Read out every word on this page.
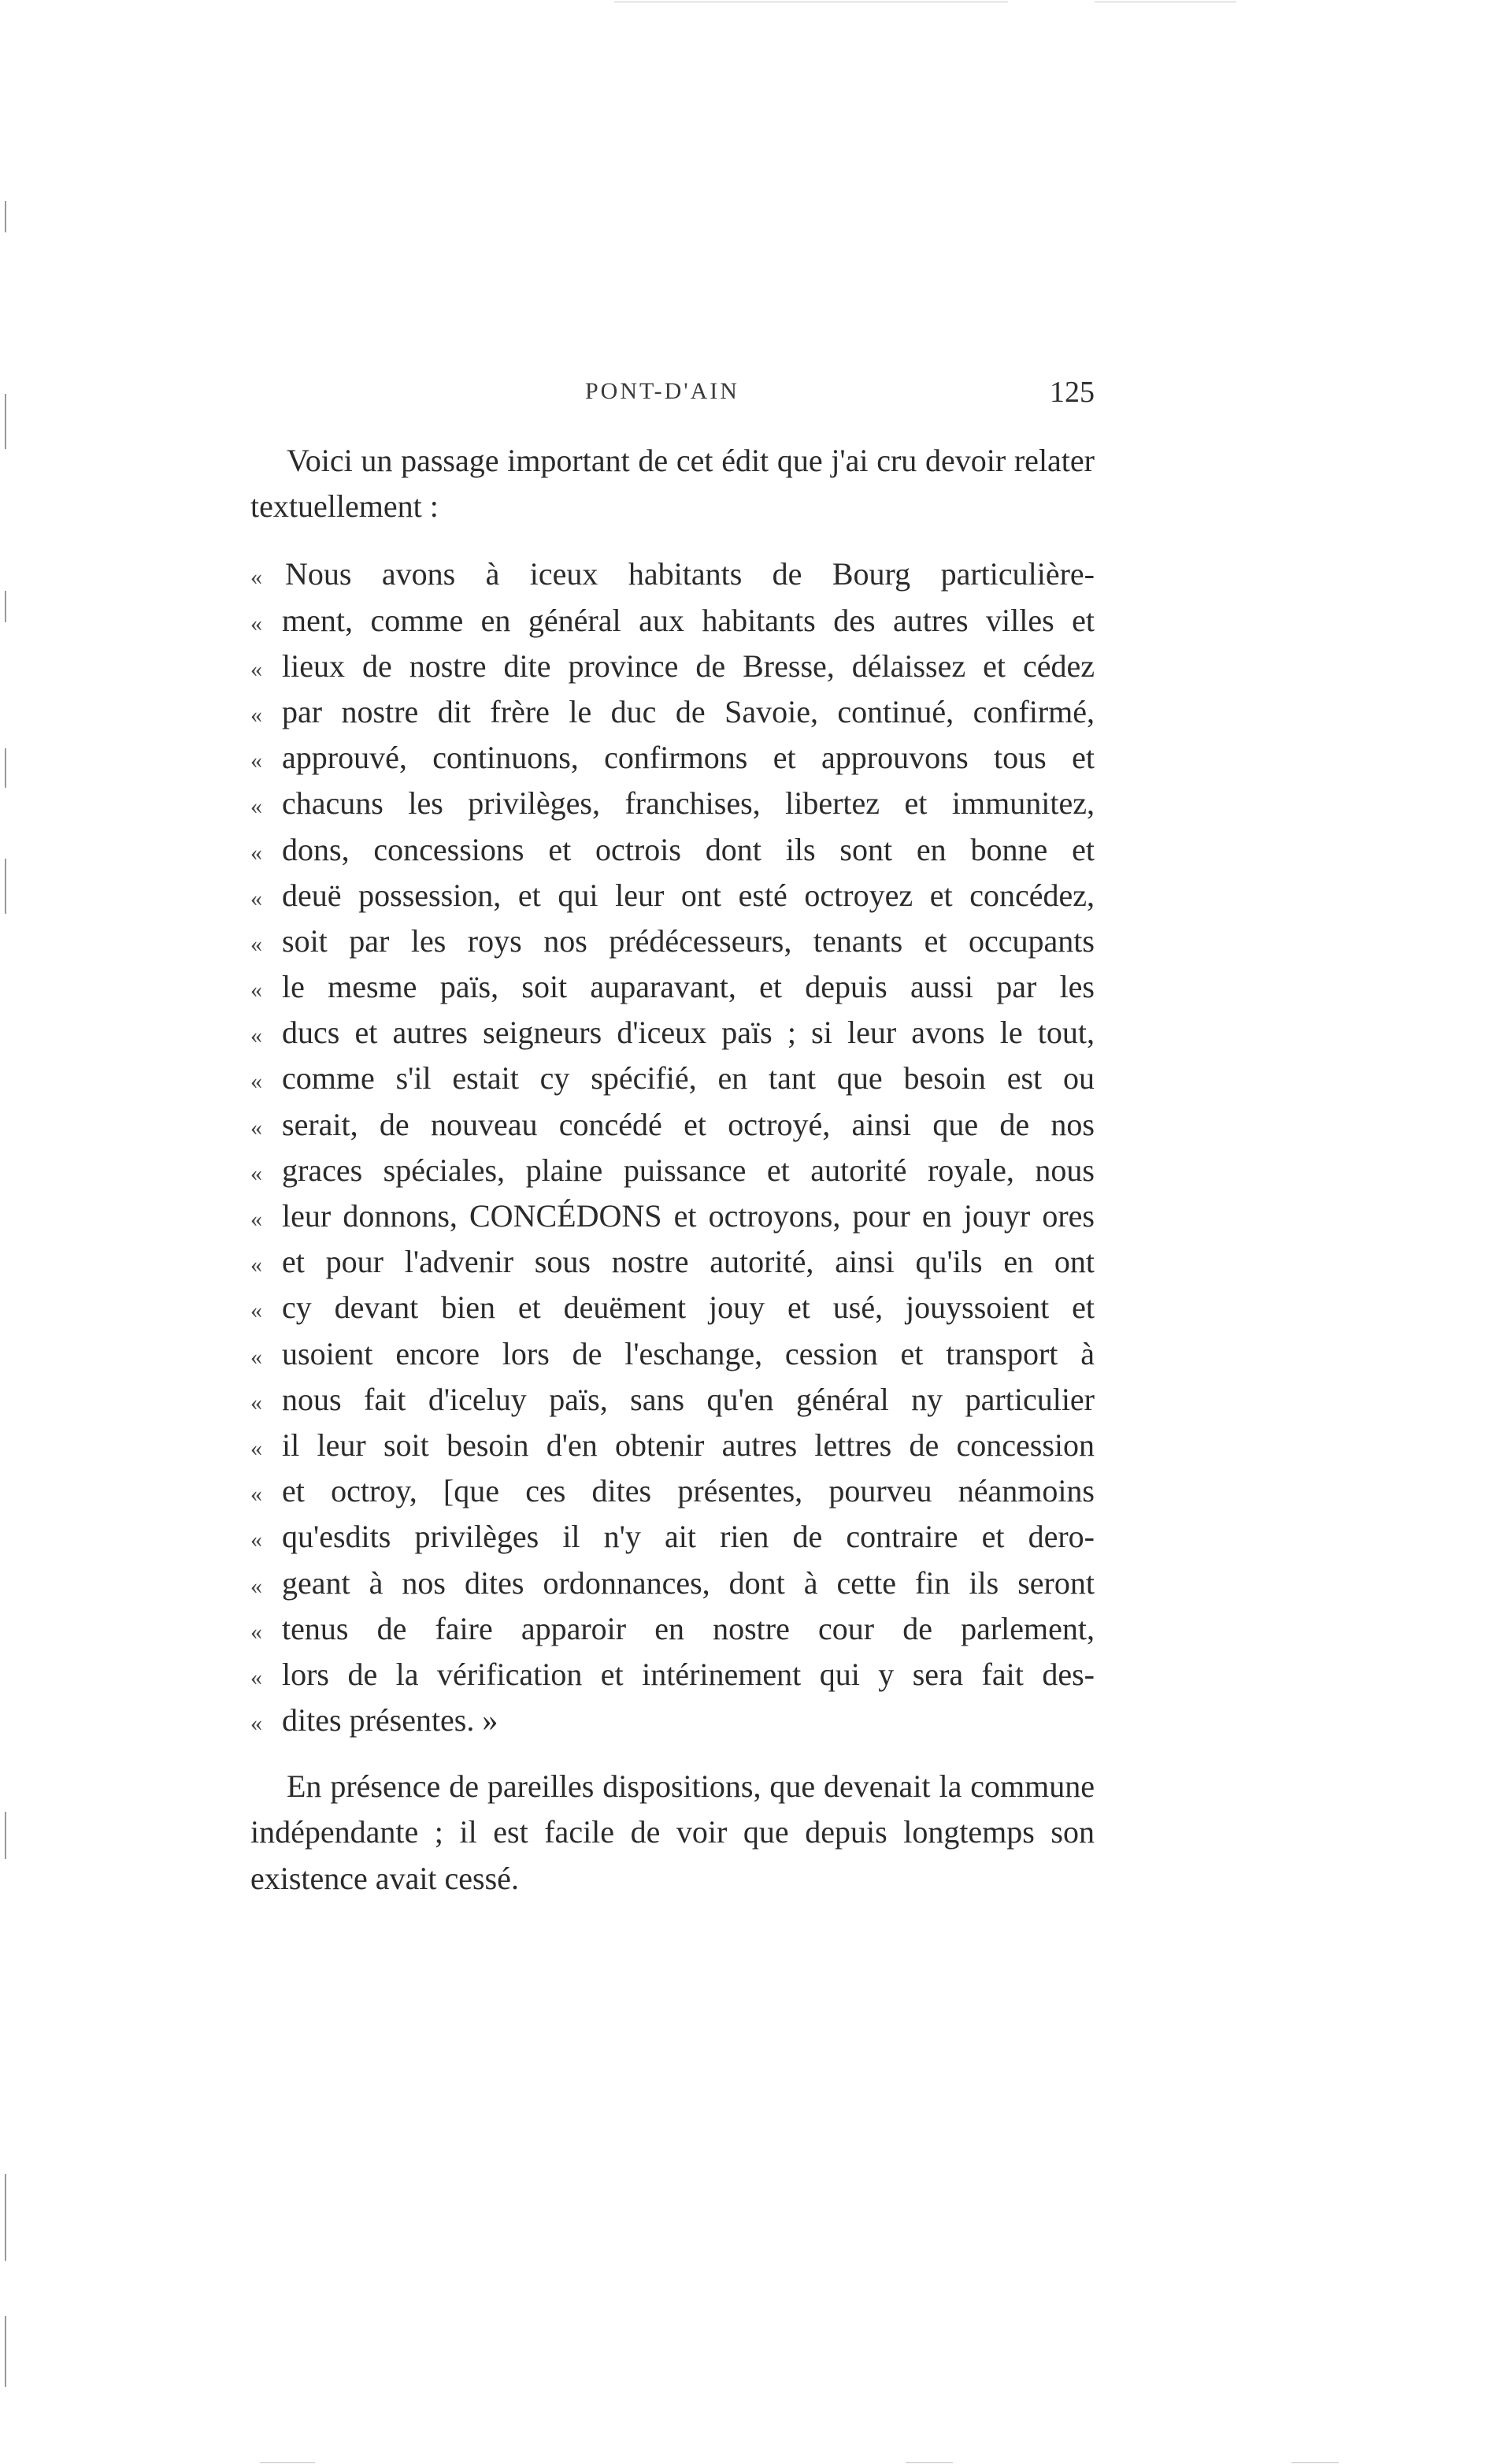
PONT-D'AIN	125

Voici un passage important de cet édit que j'ai cru devoir relater textuellement :

« Nous avons à iceux habitants de Bourg particulière-
« ment, comme en général aux habitants des autres villes et
« lieux de nostre dite province de Bresse, délaissez et cédez
« par nostre dit frère le duc de Savoie, continué, confirmé,
« approuvé, continuons, confirmons et approuvons tous et
« chacuns les privilèges, franchises, libertez et immunitez,
« dons, concessions et octrois dont ils sont en bonne et
« deuë possession, et qui leur ont esté octroyez et concédez,
« soit par les roys nos prédécesseurs, tenants et occupants
« le mesme païs, soit auparavant, et depuis aussi par les
« ducs et autres seigneurs d'iceux païs ; si leur avons le tout,
« comme s'il estait cy spécifié, en tant que besoin est ou
« serait, de nouveau concédé et octroyé, ainsi que de nos
« graces spéciales, plaine puissance et autorité royale, nous
« leur donnons, CONCÉDONS et octroyons, pour en jouyr ores
« et pour l'advenir sous nostre autorité, ainsi qu'ils en ont
« cy devant bien et deuëment jouy et usé, jouyssoient et
« usoient encore lors de l'eschange, cession et transport à
« nous fait d'iceluy païs, sans qu'en général ny particulier
« il leur soit besoin d'en obtenir autres lettres de concession
« et octroy, [que ces dites présentes, pourveu néanmoins
« qu'esdits privilèges il n'y ait rien de contraire et dero-
« geant à nos dites ordonnances, dont à cette fin ils seront
« tenus de faire apparoir en nostre cour de parlement,
« lors de la vérification et intérinement qui y sera fait des-
« dites présentes. »

En présence de pareilles dispositions, que devenait la commune indépendante ; il est facile de voir que depuis longtemps son existence avait cessé.
